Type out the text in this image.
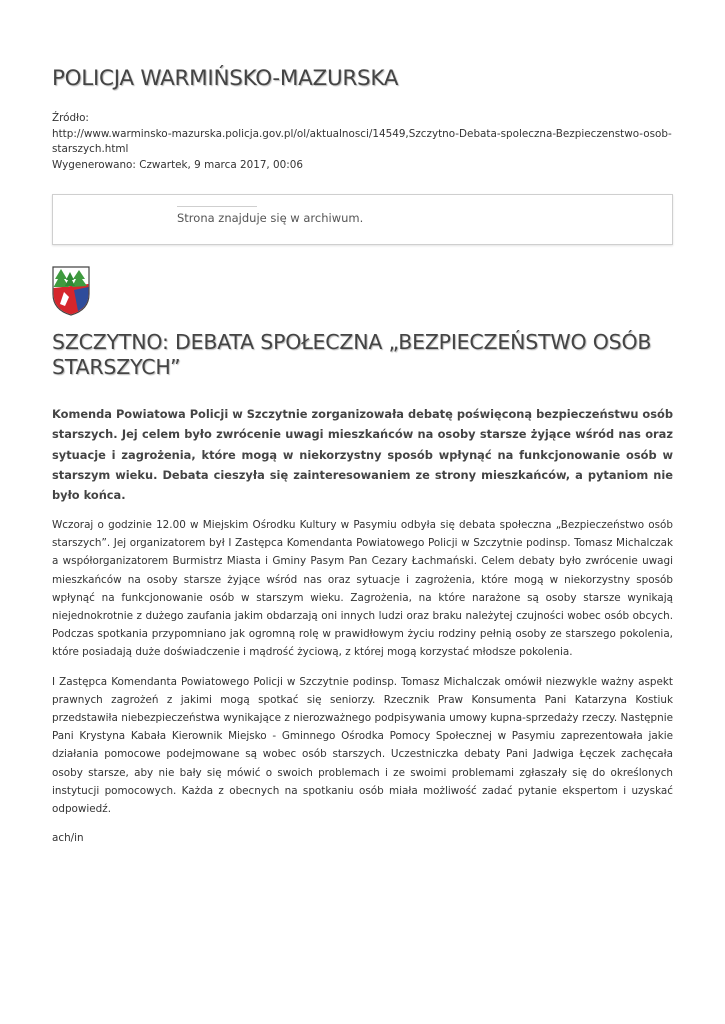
POLICJA WARMIŃSKO-MAZURSKA
Źródło:
http://www.warminsko-mazurska.policja.gov.pl/ol/aktualnosci/14549,Szczytno-Debata-spoleczna-Bezpieczenstwo-osob-starszych.html
Wygenerowano: Czwartek, 9 marca 2017, 00:06
Strona znajduje się w archiwum.
SZCZYTNO: DEBATA SPOŁECZNA „BEZPIECZEŃSTWO OSÓB STARSZYCH”

Komenda Powiatowa Policji w Szczytnie zorganizowała debatę poświęconą bezpieczeństwu osób starszych. Jej celem było zwrócenie uwagi mieszkańców na osoby starsze żyjące wśród nas oraz sytuacje i zagrożenia, które mogą w niekorzystny sposób wpłynąć na funkcjonowanie osób w starszym wieku. Debata cieszyła się zainteresowaniem ze strony mieszkańców, a pytaniom nie było końca.

Wczoraj o godzinie 12.00 w Miejskim Ośrodku Kultury w Pasymiu odbyła się debata społeczna „Bezpieczeństwo osób starszych”. Jej organizatorem był I Zastępca Komendanta Powiatowego Policji w Szczytnie podinsp. Tomasz Michalczak a współorganizatorem Burmistrz Miasta i Gminy Pasym Pan Cezary Łachmański. Celem debaty było zwrócenie uwagi mieszkańców na osoby starsze żyjące wśród nas oraz sytuacje i zagrożenia, które mogą w niekorzystny sposób wpłynąć na funkcjonowanie osób w starszym wieku. Zagrożenia, na które narażone są osoby starsze wynikają niejednokrotnie z dużego zaufania jakim obdarzają oni innych ludzi oraz braku należytej czujności wobec osób obcych. Podczas spotkania przypomniano jak ogromną rolę w prawidłowym życiu rodziny pełnią osoby ze starszego pokolenia, które posiadają duże doświadczenie i mądrość życiową, z której mogą korzystać młodsze pokolenia.

I Zastępca Komendanta Powiatowego Policji w Szczytnie podinsp. Tomasz Michalczak omówił niezwykle ważny aspekt prawnych zagrożeń z jakimi mogą spotkać się seniorzy. Rzecznik Praw Konsumenta Pani Katarzyna Kostiuk przedstawiła niebezpieczeństwa wynikające z nierozważnego podpisywania umowy kupna-sprzedaży rzeczy. Następnie Pani Krystyna Kabała Kierownik Miejsko - Gminnego Ośrodka Pomocy Społecznej w Pasymiu zaprezentowała jakie działania pomocowe podejmowane są wobec osób starszych. Uczestniczka debaty Pani Jadwiga Łęczek zachęcała osoby starsze, aby nie bały się mówić o swoich problemach i ze swoimi problemami zgłaszały się do określonych instytucji pomocowych. Każda z obecnych na spotkaniu osób miała możliwość zadać pytanie ekspertom i uzyskać odpowiedź.

ach/in
